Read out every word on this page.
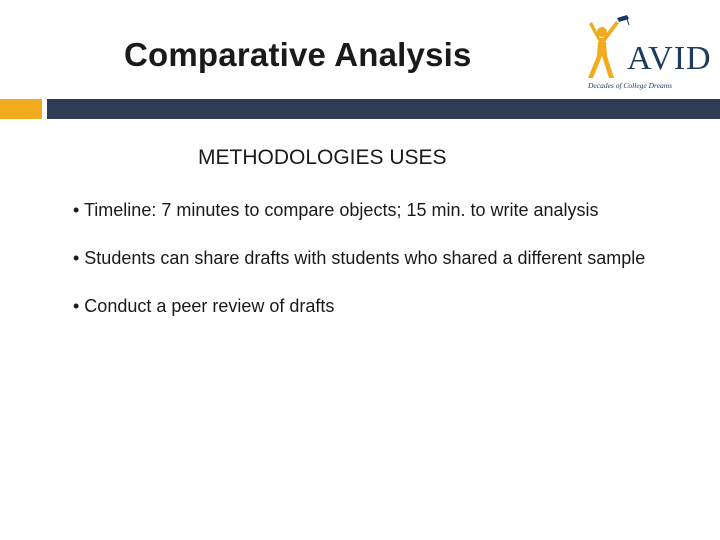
Comparative Analysis	AVID
Decades of College Dreams
METHODOLOGIES USES
• Timeline: 7 minutes to compare objects; 15 min. to write analysis
• Students can share drafts with students who shared a different sample
• Conduct a peer review of drafts
